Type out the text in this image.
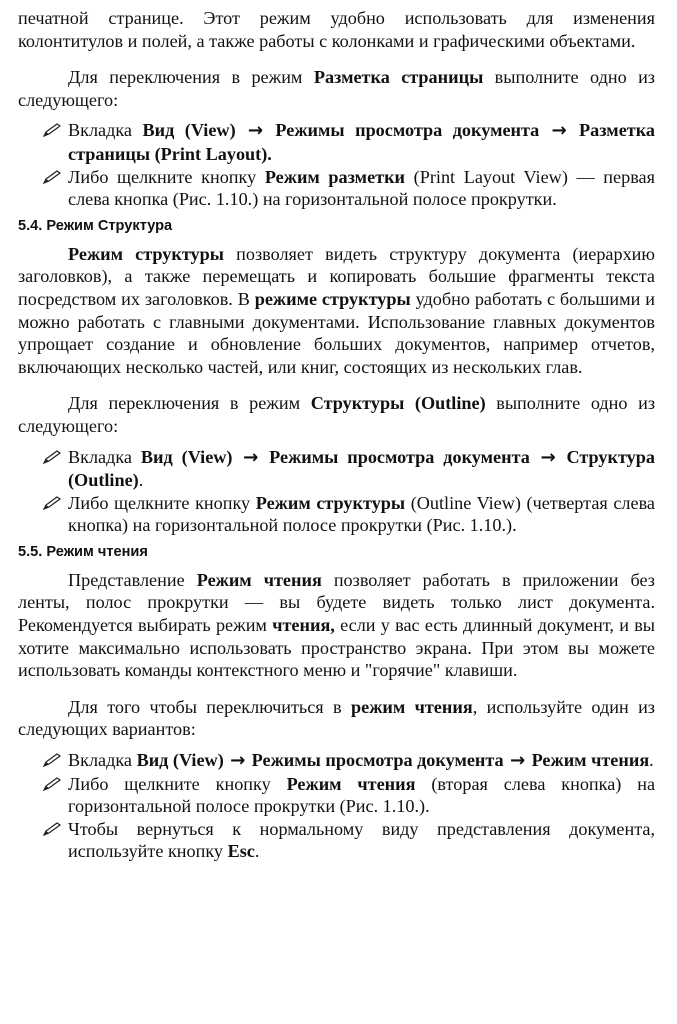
печатной странице. Этот режим удобно использовать для изменения колонтитулов и полей, а также работы с колонками и графическими объектами.

Для переключения в режим Разметка страницы выполните одно из следующего:

Вкладка Вид (View) → Режимы просмотра документа → Разметка страницы (Print Layout).
Либо щелкните кнопку Режим разметки (Print Layout View) — первая слева кнопка (Рис. 1.10.) на горизонтальной полосе прокрутки.
5.4. Режим Структура

Режим структуры позволяет видеть структуру документа (иерархию заголовков), а также перемещать и копировать большие фрагменты текста посредством их заголовков. В режиме структуры удобно работать с большими и можно работать с главными документами. Использование главных документов упрощает создание и обновление больших документов, например отчетов, включающих несколько частей, или книг, состоящих из нескольких глав.

Для переключения в режим Структуры (Outline) выполните одно из следующего:

Вкладка Вид (View) → Режимы просмотра документа → Структура (Outline).
Либо щелкните кнопку Режим структуры (Outline View) (четвертая слева кнопка) на горизонтальной полосе прокрутки (Рис. 1.10.).
5.5. Режим чтения

Представление Режим чтения позволяет работать в приложении без ленты, полос прокрутки — вы будете видеть только лист документа. Рекомендуется выбирать режим чтения, если у вас есть длинный документ, и вы хотите максимально использовать пространство экрана. При этом вы можете использовать команды контекстного меню и "горячие" клавиши.

Для того чтобы переключиться в режим чтения, используйте один из следующих вариантов:

Вкладка Вид (View) → Режимы просмотра документа → Режим чтения.
Либо щелкните кнопку Режим чтения (вторая слева кнопка) на горизонтальной полосе прокрутки (Рис. 1.10.).
Чтобы вернуться к нормальному виду представления документа, используйте кнопку Esc.
